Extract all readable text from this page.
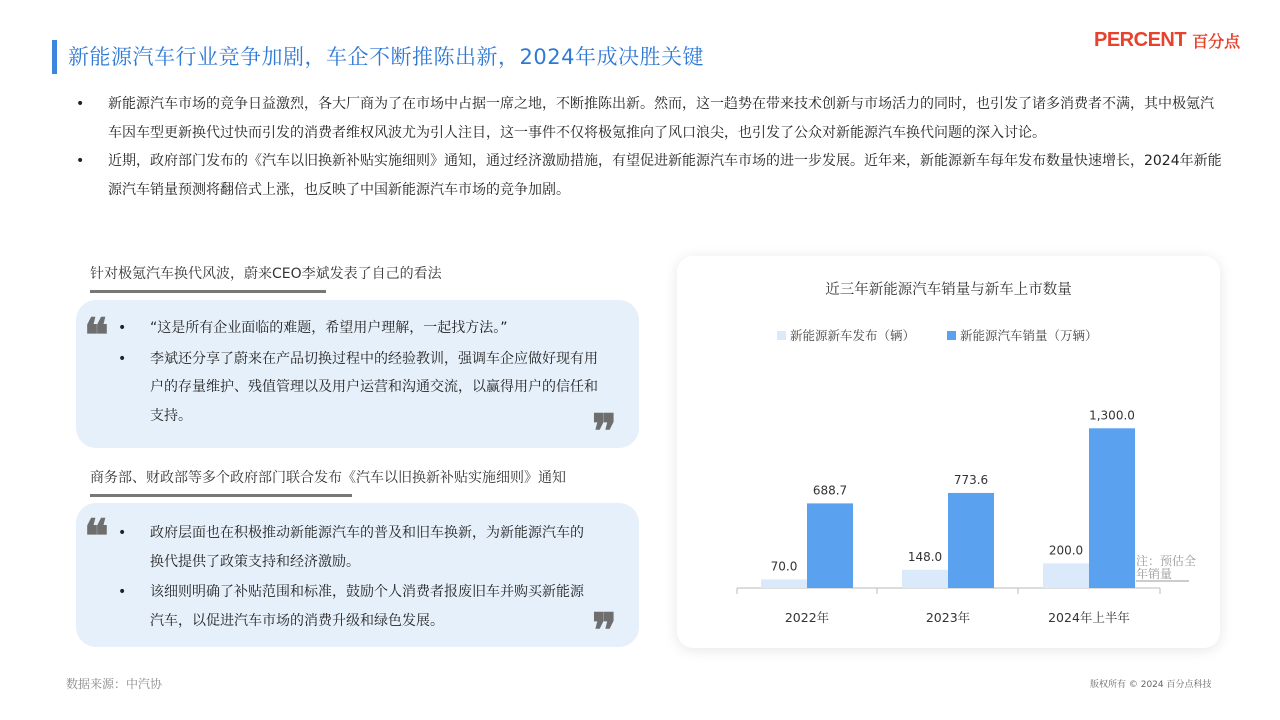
新能源汽车行业竞争加剧，车企不断推陈出新，2024年成决胜关键
PERCENT 百分点
• 新能源汽车市场的竞争日益激烈，各大厂商为了在市场中占据一席之地，不断推陈出新。然而，这一趋势在带来技术创新与市场活力的同时，也引发了诸多消费者不满，其中极氪汽车因车型更新换代过快而引发的消费者维权风波尤为引人注目，这一事件不仅将极氪推向了风口浪尖，也引发了公众对新能源汽车换代问题的深入讨论。
• 近期，政府部门发布的《汽车以旧换新补贴实施细则》通知，通过经济激励措施，有望促进新能源汽车市场的进一步发展。近年来，新能源新车每年发布数量快速增长，2024年新能源汽车销量预测将翻倍式上涨，也反映了中国新能源汽车市场的竞争加剧。
针对极氪汽车换代风波，蔚来CEO李斌发表了自己的看法
❝
❞
• “这是所有企业面临的难题，希望用户理解，一起找方法。”
• 李斌还分享了蔚来在产品切换过程中的经验教训，强调车企应做好现有用户的存量维护、残值管理以及用户运营和沟通交流，以赢得用户的信任和支持。
商务部、财政部等多个政府部门联合发布《汽车以旧换新补贴实施细则》通知
❝
❞
• 政府层面也在积极推动新能源汽车的普及和旧车换新，为新能源汽车的换代提供了政策支持和经济激励。
• 该细则明确了补贴范围和标准，鼓励个人消费者报废旧车并购买新能源汽车，以促进汽车市场的消费升级和绿色发展。
近三年新能源汽车销量与新车上市数量
新能源新车发布（辆）	新能源汽车销量（万辆）
70.0
688.7
2022年
148.0
773.6
2023年
200.0
1,300.0
2024年上半年
注：预估全
年销量
数据来源：中汽协	版权所有 © 2024 百分点科技
